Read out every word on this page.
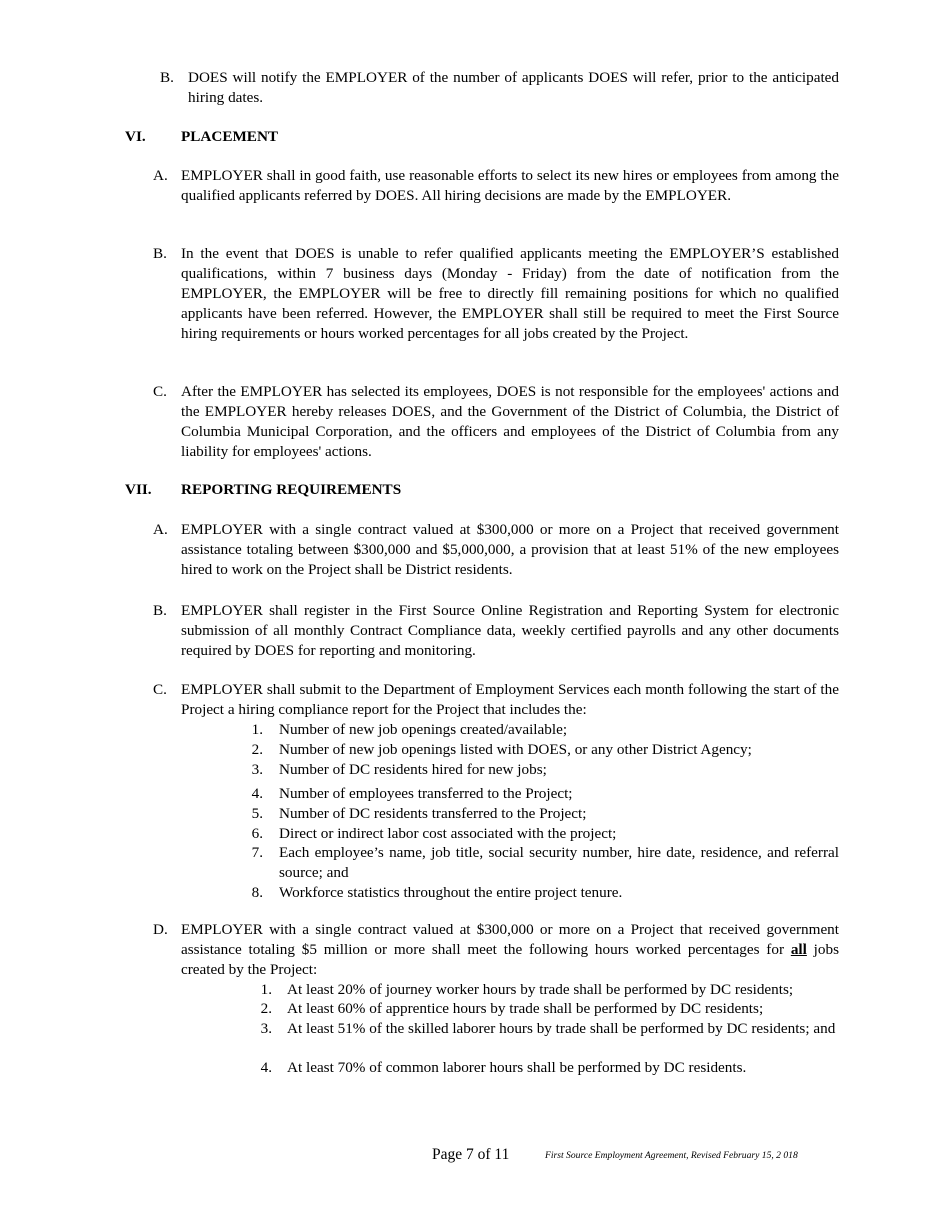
B. DOES will notify the EMPLOYER of the number of applicants DOES will refer, prior to the anticipated hiring dates.
VI. PLACEMENT
A. EMPLOYER shall in good faith, use reasonable efforts to select its new hires or employees from among the qualified applicants referred by DOES. All hiring decisions are made by the EMPLOYER.
B. In the event that DOES is unable to refer qualified applicants meeting the EMPLOYER’S established qualifications, within 7 business days (Monday - Friday) from the date of notification from the EMPLOYER, the EMPLOYER will be free to directly fill remaining positions for which no qualified applicants have been referred. However, the EMPLOYER shall still be required to meet the First Source hiring requirements or hours worked percentages for all jobs created by the Project.
C. After the EMPLOYER has selected its employees, DOES is not responsible for the employees' actions and the EMPLOYER hereby releases DOES, and the Government of the District of Columbia, the District of Columbia Municipal Corporation, and the officers and employees of the District of Columbia from any liability for employees' actions.
VII. REPORTING REQUIREMENTS
A. EMPLOYER with a single contract valued at $300,000 or more on a Project that received government assistance totaling between $300,000 and $5,000,000, a provision that at least 51% of the new employees hired to work on the Project shall be District residents.
B. EMPLOYER shall register in the First Source Online Registration and Reporting System for electronic submission of all monthly Contract Compliance data, weekly certified payrolls and any other documents required by DOES for reporting and monitoring.
C. EMPLOYER shall submit to the Department of Employment Services each month following the start of the Project a hiring compliance report for the Project that includes the:
1. Number of new job openings created/available;
2. Number of new job openings listed with DOES, or any other District Agency;
3. Number of DC residents hired for new jobs;
4. Number of employees transferred to the Project;
5. Number of DC residents transferred to the Project;
6. Direct or indirect labor cost associated with the project;
7. Each employee’s name, job title, social security number, hire date, residence, and referral source; and
8. Workforce statistics throughout the entire project tenure.
D. EMPLOYER with a single contract valued at $300,000 or more on a Project that received government assistance totaling $5 million or more shall meet the following hours worked percentages for all jobs created by the Project:
1. At least 20% of journey worker hours by trade shall be performed by DC residents;
2. At least 60% of apprentice hours by trade shall be performed by DC residents;
3. At least 51% of the skilled laborer hours by trade shall be performed by DC residents; and
4. At least 70% of common laborer hours shall be performed by DC residents.
Page 7 of 11	First Source Employment Agreement, Revised February 15, 2 018
